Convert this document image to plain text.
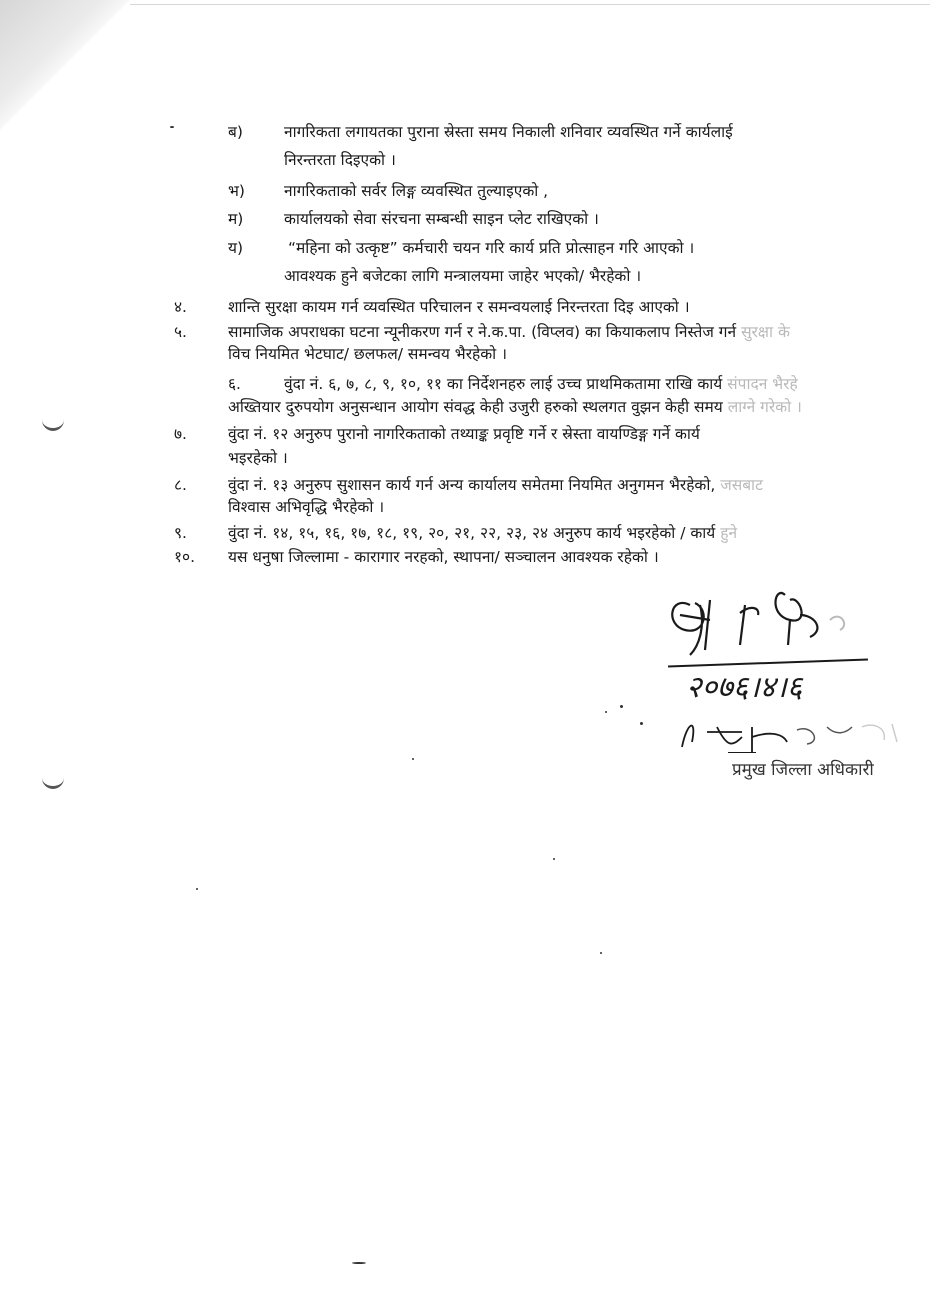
ब)	नागरिकता लगायतका पुराना स्रेस्ता समय निकाली शनिवार व्यवस्थित गर्ने कार्यलाई
निरन्तरता दिइएको ।
भ)	नागरिकताको सर्वर लिङ्ग व्यवस्थित तुल्याइएको ,
म)	कार्यालयको सेवा संरचना सम्बन्धी साइन प्लेट राखिएको ।
य)	“महिना को उत्कृष्ट” कर्मचारी चयन गरि कार्य प्रति प्रोत्साहन गरि आएको ।
आवश्यक हुने बजेटका लागि मन्त्रालयमा जाहेर भएको/ भैरहेको ।
४.	शान्ति सुरक्षा कायम गर्न व्यवस्थित परिचालन र समन्वयलाई निरन्तरता दिइ आएको ।
५.	सामाजिक अपराधका घटना न्यूनीकरण गर्न र ने.क.पा. (विप्लव) का कियाकलाप निस्तेज गर्न सुरक्षा के
विच नियमित भेटघाट/ छलफल/ समन्वय भैरहेको ।
६.	वुंदा नं. ६, ७, ८, ९, १०, ११ का निर्देशनहरु लाई उच्च प्राथमिकतामा राखि कार्य संपादन भैरहे
अख्तियार दुरुपयोग अनुसन्धान आयोग संवद्ध केही उजुरी हरुको स्थलगत वुझन केही समय लाग्ने गरेको ।
७.	वुंदा नं. १२ अनुरुप पुरानो नागरिकताको तथ्याङ्क प्रवृष्टि गर्ने र स्रेस्ता वायण्डिङ्ग गर्ने कार्य
भइरहेको ।
८.	वुंदा नं. १३ अनुरुप सुशासन कार्य गर्न अन्य कार्यालय समेतमा नियमित अनुगमन भैरहेको, जसबाट
विश्वास अभिवृद्धि भैरहेको ।
९.	वुंदा नं. १४, १५, १६, १७, १८, १९, २०, २१, २२, २३, २४ अनुरुप कार्य भइरहेको / कार्य हुने
१०. यस धनुषा जिल्लामा - कारागार नरहको, स्थापना/ सञ्चालन आवश्यक रहेको ।
२०७६।४।६
प्रमुख जिल्ला अधिकारी
